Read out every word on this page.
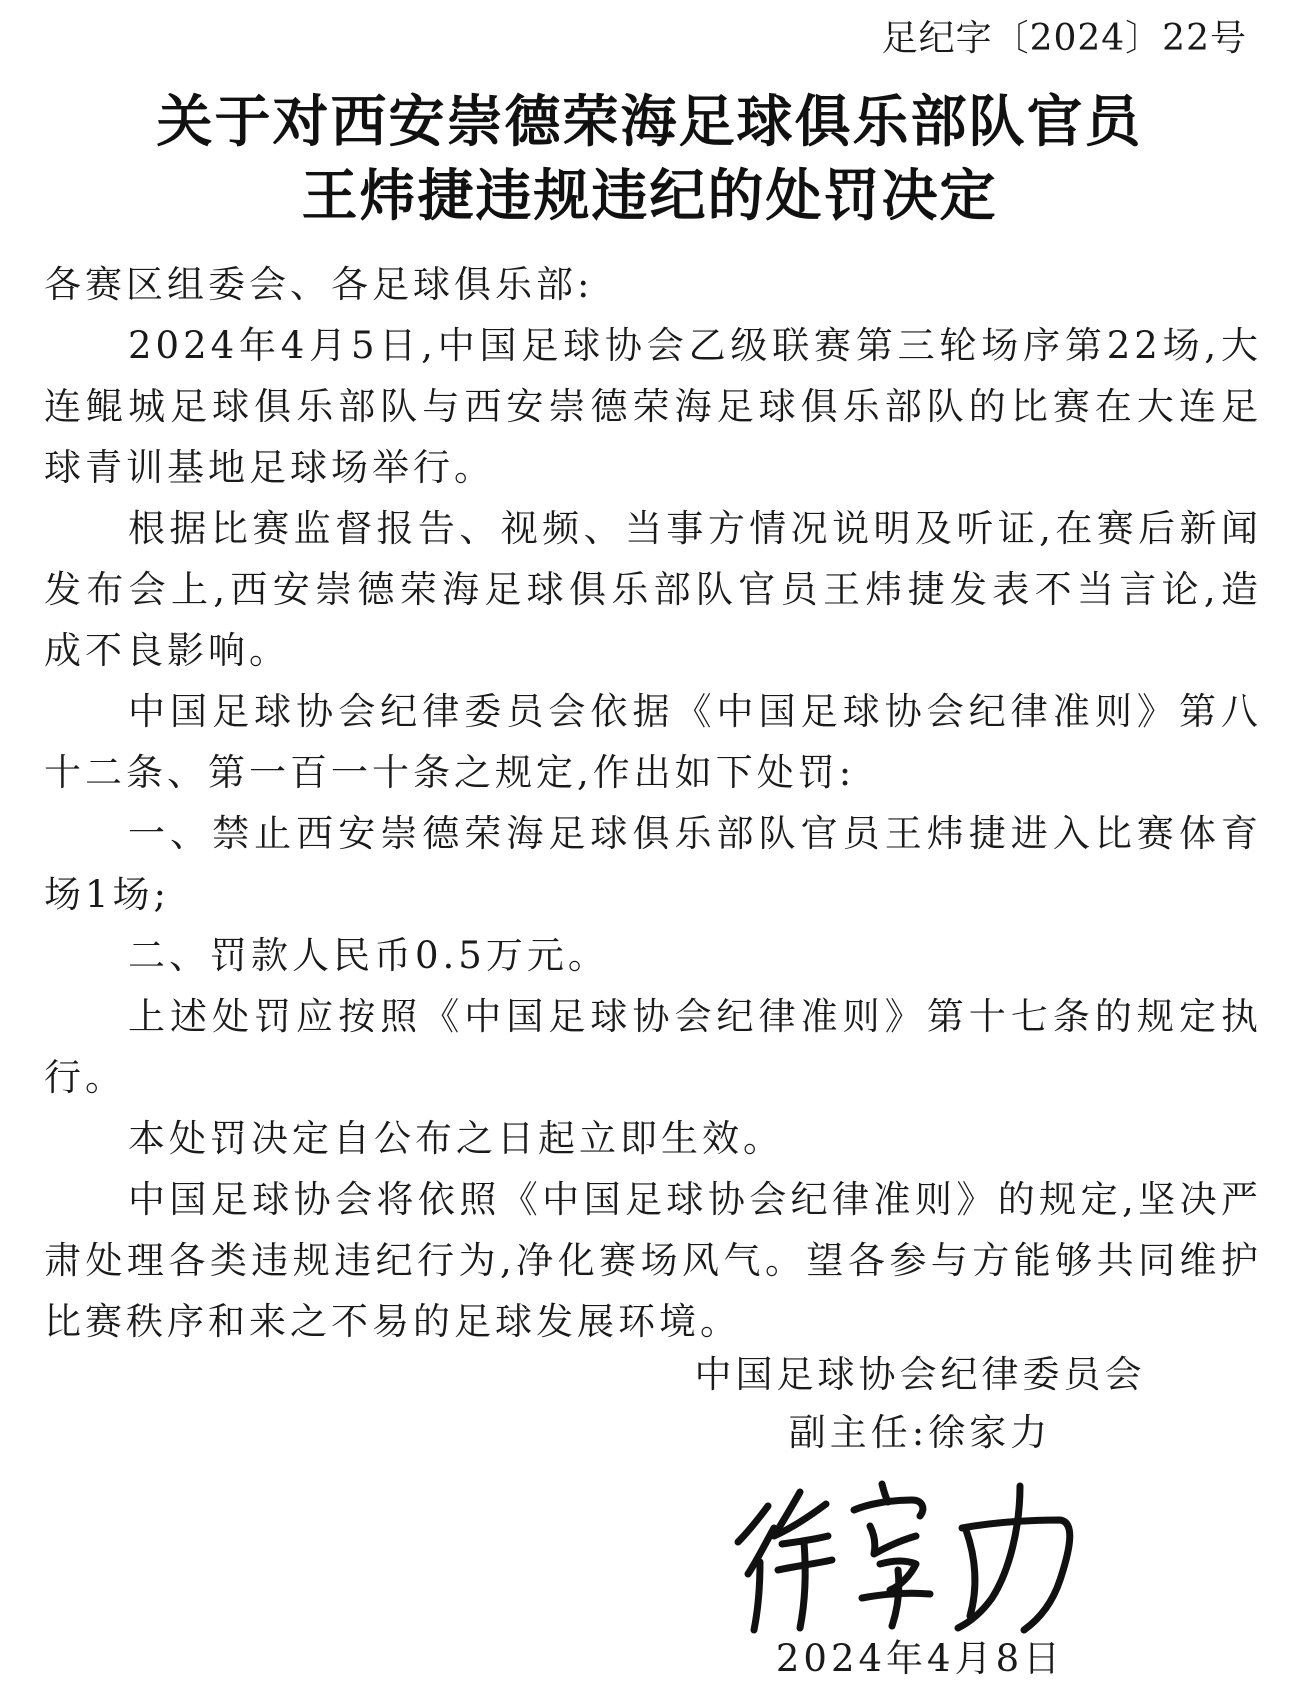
足纪字〔2024〕22号
关于对西安崇德荣海足球俱乐部队官员
王炜捷违规违纪的处罚决定

各赛区组委会、各足球俱乐部:

2024年4月5日,中国足球协会乙级联赛第三轮场序第22场,大连鲲城足球俱乐部队与西安崇德荣海足球俱乐部队的比赛在大连足球青训基地足球场举行。

根据比赛监督报告、视频、当事方情况说明及听证,在赛后新闻发布会上,西安崇德荣海足球俱乐部队官员王炜捷发表不当言论,造成不良影响。

中国足球协会纪律委员会依据《中国足球协会纪律准则》第八十二条、第一百一十条之规定,作出如下处罚:

一、禁止西安崇德荣海足球俱乐部队官员王炜捷进入比赛体育场1场;

二、罚款人民币0.5万元。

上述处罚应按照《中国足球协会纪律准则》第十七条的规定执行。

本处罚决定自公布之日起立即生效。

中国足球协会将依照《中国足球协会纪律准则》的规定,坚决严肃处理各类违规违纪行为,净化赛场风气。望各参与方能够共同维护比赛秩序和来之不易的足球发展环境。

中国足球协会纪律委员会
副主任:徐家力
2024年4月8日
